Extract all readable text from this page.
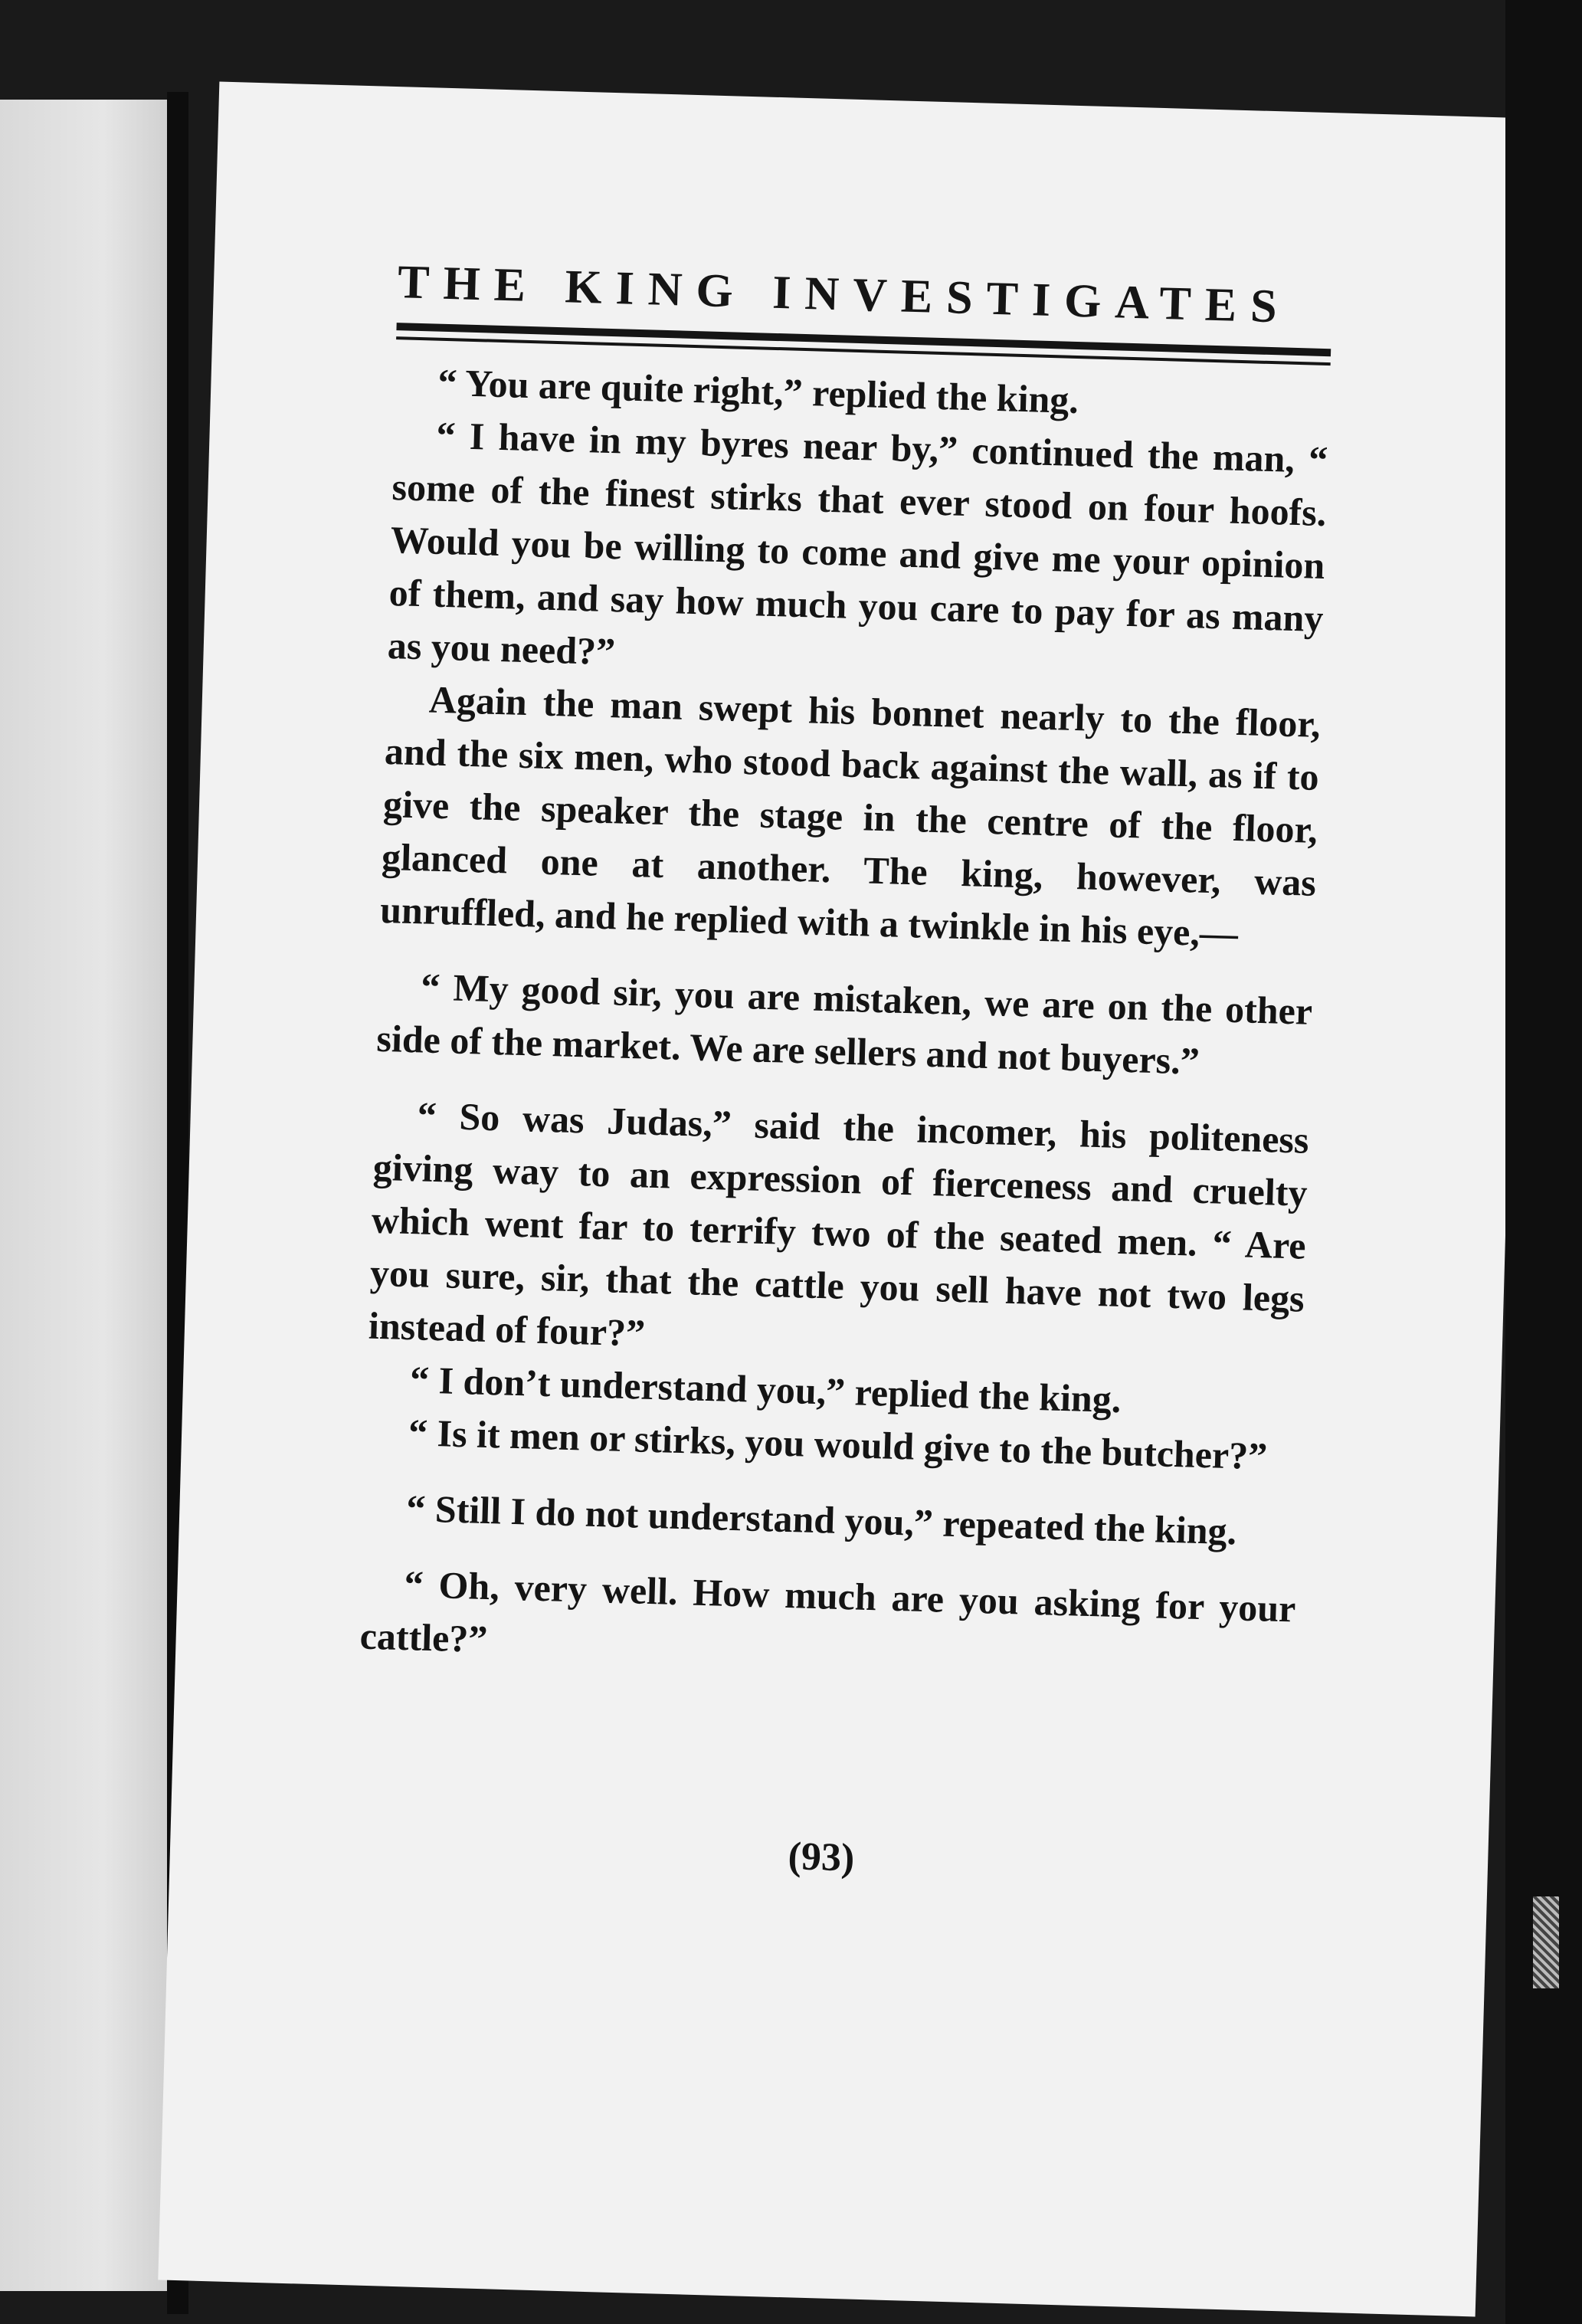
THE KING INVESTIGATES

“ You are quite right,” replied the king.

“ I have in my byres near by,” continued the man, “ some of the finest stirks that ever stood on four hoofs. Would you be willing to come and give me your opinion of them, and say how much you care to pay for as many as you need?”

Again the man swept his bonnet nearly to the floor, and the six men, who stood back against the wall, as if to give the speaker the stage in the centre of the floor, glanced one at another. The king, however, was unruffled, and he replied with a twinkle in his eye,—

“ My good sir, you are mistaken, we are on the other side of the market. We are sellers and not buyers.”

“ So was Judas,” said the incomer, his politeness giving way to an expression of fierceness and cruelty which went far to terrify two of the seated men. “ Are you sure, sir, that the cattle you sell have not two legs instead of four?”

“ I don’t understand you,” replied the king.

“ Is it men or stirks, you would give to the butcher?”

“ Still I do not understand you,” repeated the king.

“ Oh, very well. How much are you asking for your cattle?”

(93)
